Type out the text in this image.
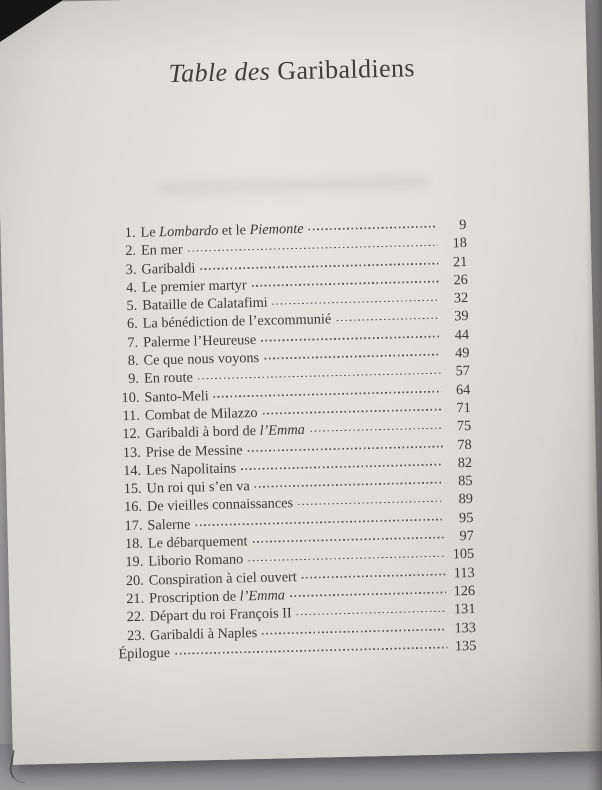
Table des Garibaldiens
1. Le Lombardo et le Piemonte	9
2. En mer	18
3. Garibaldi	21
4. Le premier martyr	26
5. Bataille de Calatafimi	32
6. La bénédiction de l’excommunié	39
7. Palerme l’Heureuse	44
8. Ce que nous voyons	49
9. En route	57
10. Santo-Meli	64
11. Combat de Milazzo	71
12. Garibaldi à bord de l’Emma	75
13. Prise de Messine	78
14. Les Napolitains	82
15. Un roi qui s’en va	85
16. De vieilles connaissances	89
17. Salerne	95
18. Le débarquement	97
19. Liborio Romano	105
20. Conspiration à ciel ouvert	113
21. Proscription de l’Emma	126
22. Départ du roi François II	131
23. Garibaldi à Naples	133
Épilogue	135
